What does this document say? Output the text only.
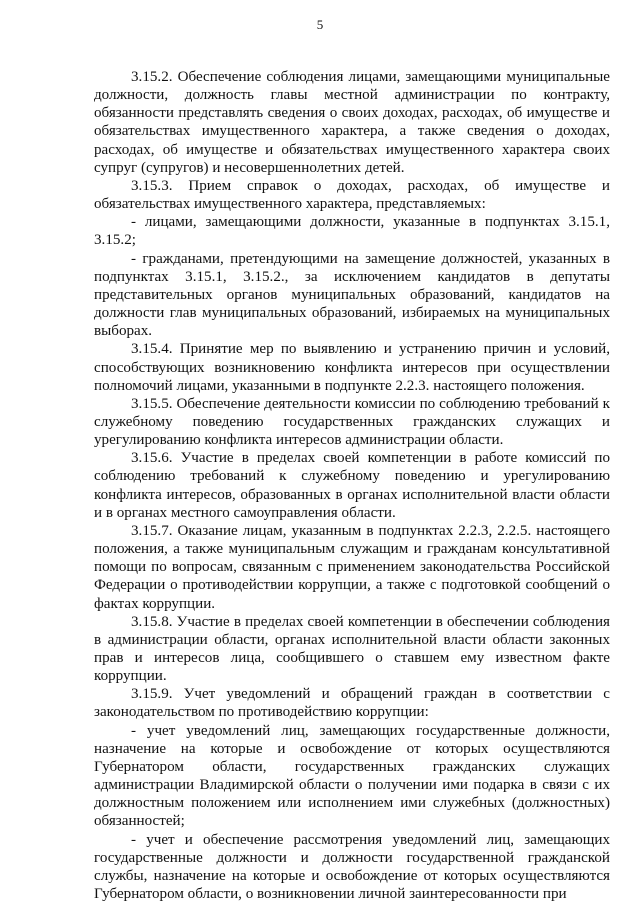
5

3.15.2. Обеспечение соблюдения лицами, замещающими муниципальные должности, должность главы местной администрации по контракту, обязанности представлять сведения о своих доходах, расходах, об имуществе и обязательствах имущественного характера, а также сведения о доходах, расходах, об имуществе и обязательствах имущественного характера своих супруг (супругов) и несовершеннолетних детей.

3.15.3. Прием справок о доходах, расходах, об имуществе и обязательствах имущественного характера, представляемых:

- лицами, замещающими должности, указанные в подпунктах 3.15.1, 3.15.2;

- гражданами, претендующими на замещение должностей, указанных в подпунктах 3.15.1, 3.15.2., за исключением кандидатов в депутаты представительных органов муниципальных образований, кандидатов на должности глав муниципальных образований, избираемых на муниципальных выборах.

3.15.4. Принятие мер по выявлению и устранению причин и условий, способствующих возникновению конфликта интересов при осуществлении полномочий лицами, указанными в подпункте 2.2.3. настоящего положения.

3.15.5. Обеспечение деятельности комиссии по соблюдению требований к служебному поведению государственных гражданских служащих и урегулированию конфликта интересов администрации области.

3.15.6. Участие в пределах своей компетенции в работе комиссий по соблюдению требований к служебному поведению и урегулированию конфликта интересов, образованных в органах исполнительной власти области и в органах местного самоуправления области.

3.15.7. Оказание лицам, указанным в подпунктах 2.2.3, 2.2.5. настоящего положения, а также муниципальным служащим и гражданам консультативной помощи по вопросам, связанным с применением законодательства Российской Федерации о противодействии коррупции, а также с подготовкой сообщений о фактах коррупции.

3.15.8. Участие в пределах своей компетенции в обеспечении соблюдения в администрации области, органах исполнительной власти области законных прав и интересов лица, сообщившего о ставшем ему известном факте коррупции.

3.15.9. Учет уведомлений и обращений граждан в соответствии с законодательством по противодействию коррупции:

- учет уведомлений лиц, замещающих государственные должности, назначение на которые и освобождение от которых осуществляются Губернатором области, государственных гражданских служащих администрации Владимирской области о получении ими подарка в связи с их должностным положением или исполнением ими служебных (должностных) обязанностей;

- учет и обеспечение рассмотрения уведомлений лиц, замещающих государственные должности и должности государственной гражданской службы, назначение на которые и освобождение от которых осуществляются Губернатором области, о возникновении личной заинтересованности при
